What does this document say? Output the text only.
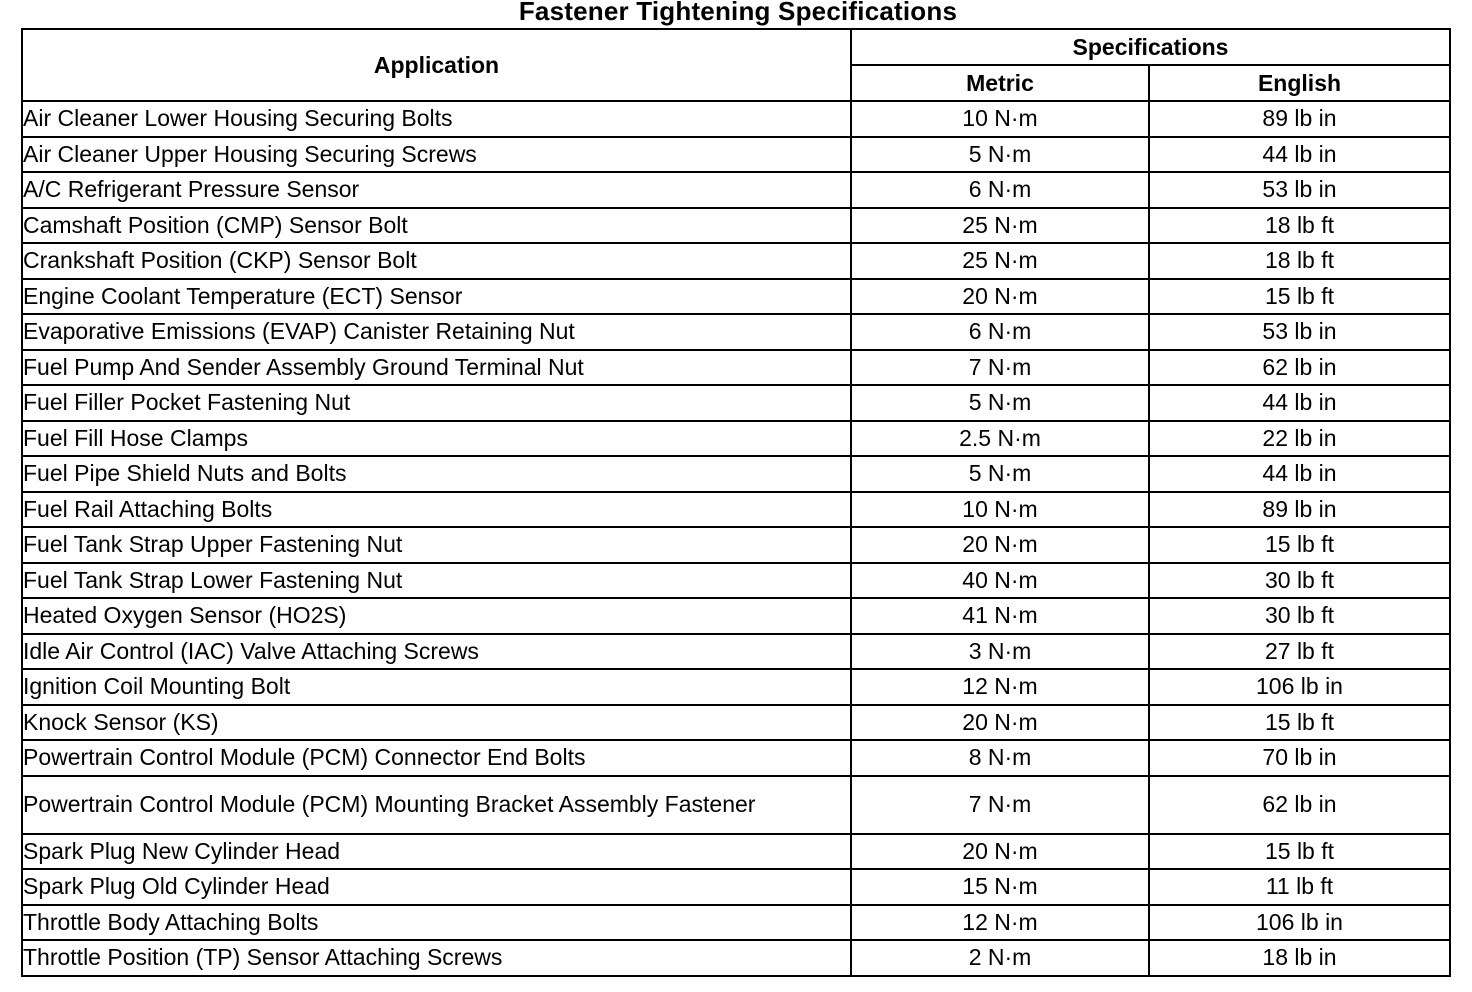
Fastener Tightening Specifications
Application	Specifications	
	Metric	English
Air Cleaner Lower Housing Securing Bolts	10 N·m	89 lb in
Air Cleaner Upper Housing Securing Screws	5 N·m	44 lb in
A/C Refrigerant Pressure Sensor	6 N·m	53 lb in
Camshaft Position (CMP) Sensor Bolt	25 N·m	18 lb ft
Crankshaft Position (CKP) Sensor Bolt	25 N·m	18 lb ft
Engine Coolant Temperature (ECT) Sensor	20 N·m	15 lb ft
Evaporative Emissions (EVAP) Canister Retaining Nut	6 N·m	53 lb in
Fuel Pump And Sender Assembly Ground Terminal Nut	7 N·m	62 lb in
Fuel Filler Pocket Fastening Nut	5 N·m	44 lb in
Fuel Fill Hose Clamps	2.5 N·m	22 lb in
Fuel Pipe Shield Nuts and Bolts	5 N·m	44 lb in
Fuel Rail Attaching Bolts	10 N·m	89 lb in
Fuel Tank Strap Upper Fastening Nut	20 N·m	15 lb ft
Fuel Tank Strap Lower Fastening Nut	40 N·m	30 lb ft
Heated Oxygen Sensor (HO2S)	41 N·m	30 lb ft
Idle Air Control (IAC) Valve Attaching Screws	3 N·m	27 lb ft
Ignition Coil Mounting Bolt	12 N·m	106 lb in
Knock Sensor (KS)	20 N·m	15 lb ft
Powertrain Control Module (PCM) Connector End Bolts	8 N·m	70 lb in
Powertrain Control Module (PCM) Mounting Bracket Assembly Fastener	7 N·m	62 lb in
Spark Plug New Cylinder Head	20 N·m	15 lb ft
Spark Plug Old Cylinder Head	15 N·m	11 lb ft
Throttle Body Attaching Bolts	12 N·m	106 lb in
Throttle Position (TP) Sensor Attaching Screws	2 N·m	18 lb in
